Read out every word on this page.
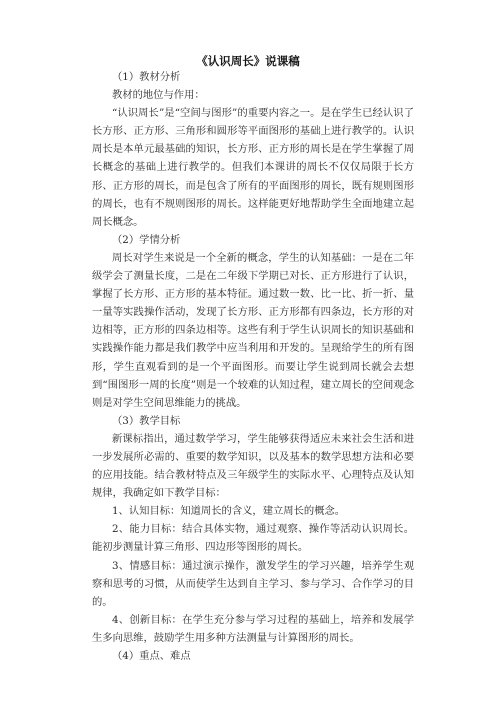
《认识周长》说课稿

（1）教材分析

教材的地位与作用：

“认识周长”是“空间与图形”的重要内容之一。是在学生已经认识了长方形、正方形、三角形和圆形等平面图形的基础上进行教学的。认识周长是本单元最基础的知识，长方形、正方形的周长是在学生掌握了周长概念的基础上进行教学的。但我们本课讲的周长不仅仅局限于长方形、正方形的周长，而是包含了所有的平面图形的周长，既有规则图形的周长，也有不规则图形的周长。这样能更好地帮助学生全面地建立起周长概念。

（2）学情分析

周长对学生来说是一个全新的概念，学生的认知基础：一是在二年级学会了测量长度，二是在二年级下学期已对长、正方形进行了认识，掌握了长方形、正方形的基本特征。通过数一数、比一比、折一折、量一量等实践操作活动，发现了长方形、正方形都有四条边，长方形的对边相等，正方形的四条边相等。这些有利于学生认识周长的知识基础和实践操作能力都是我们教学中应当利用和开发的。呈现给学生的所有图形，学生直观看到的是一个平面图形。而要让学生说到周长就会去想到“围图形一周的长度”则是一个较难的认知过程，建立周长的空间观念则是对学生空间思维能力的挑战。

（3）教学目标

新课标指出，通过数学学习，学生能够获得适应未来社会生活和进一步发展所必需的、重要的数学知识，以及基本的数学思想方法和必要的应用技能。结合教材特点及三年级学生的实际水平、心理特点及认知规律，我确定如下教学目标：

1、认知目标：知道周长的含义，建立周长的概念。

2、能力目标：结合具体实物，通过观察、操作等活动认识周长。能初步测量计算三角形、四边形等图形的周长。

3、情感目标：通过演示操作，激发学生的学习兴趣，培养学生观察和思考的习惯，从而使学生达到自主学习、参与学习、合作学习的目的。

4、创新目标：在学生充分参与学习过程的基础上，培养和发展学生多向思维，鼓励学生用多种方法测量与计算图形的周长。

（4）重点、难点
